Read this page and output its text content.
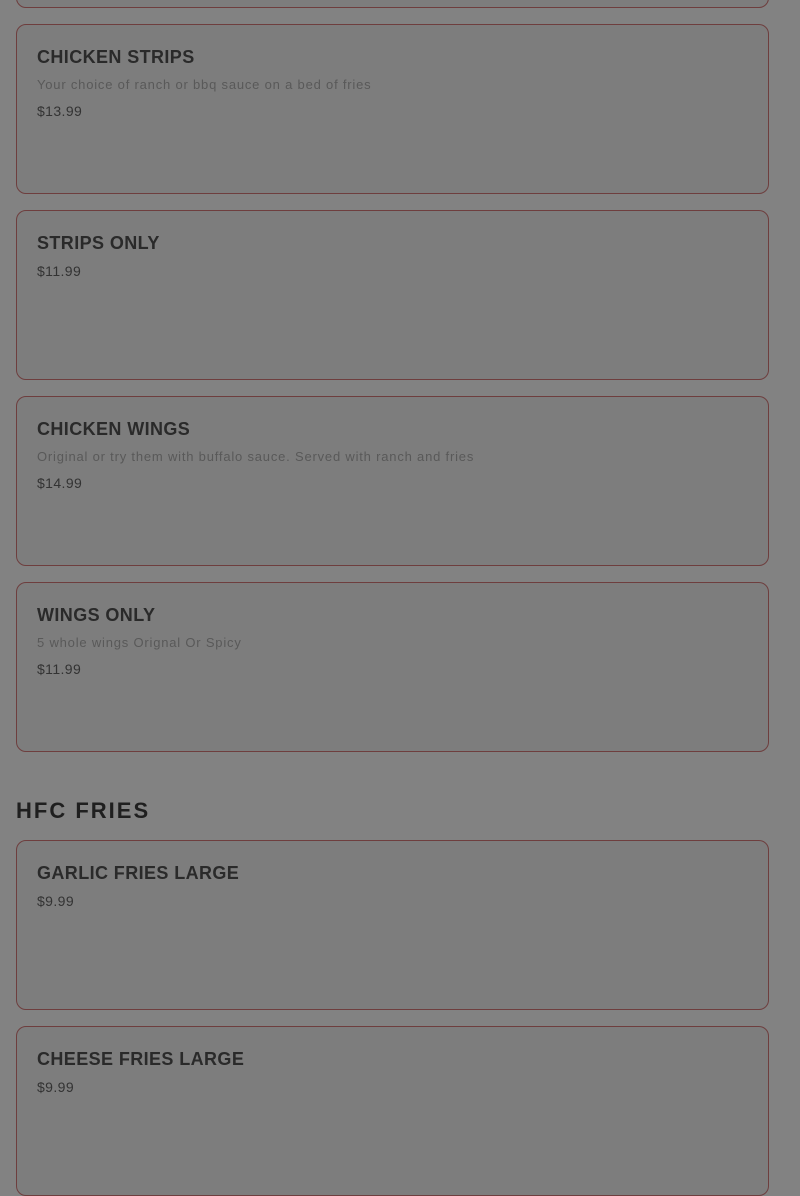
CHICKEN STRIPS

Your choice of ranch or bbq sauce on a bed of fries

$13.99

STRIPS ONLY

$11.99

CHICKEN WINGS

Original or try them with buffalo sauce. Served with ranch and fries

$14.99

WINGS ONLY

5 whole wings Orignal Or Spicy

$11.99

HFC FRIES
GARLIC FRIES LARGE

$9.99

CHEESE FRIES LARGE

$9.99
